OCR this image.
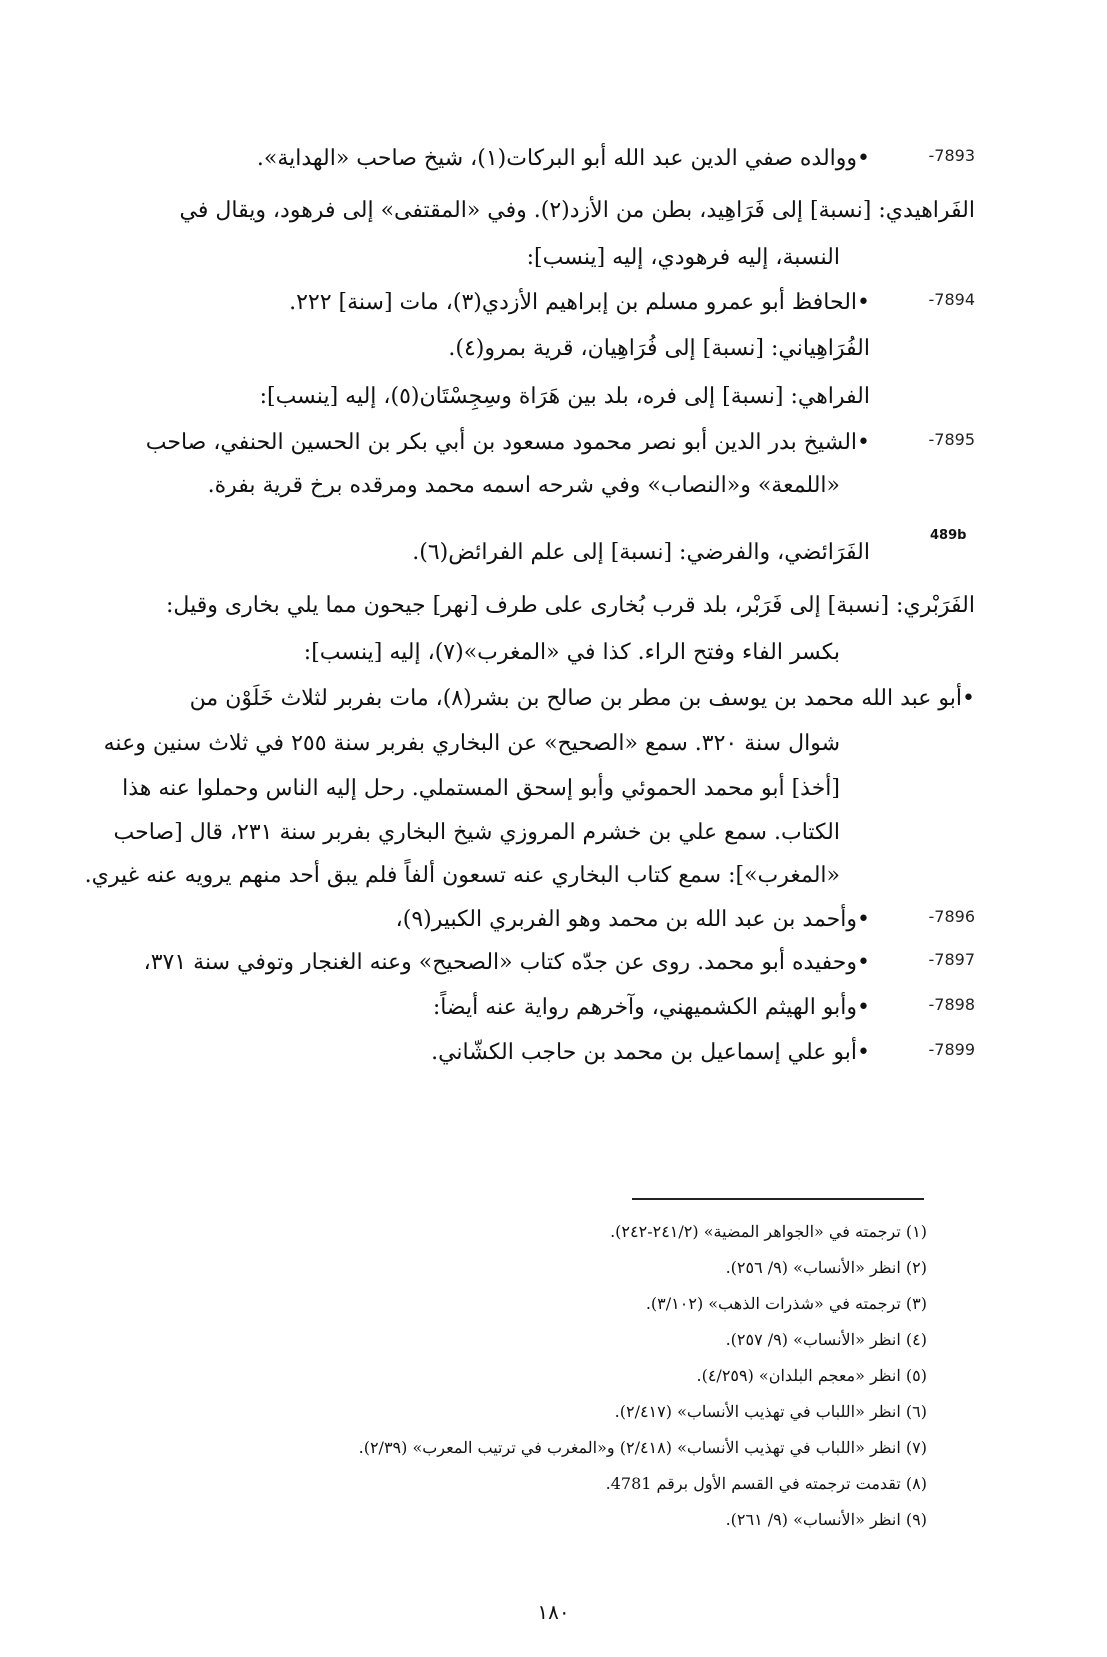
-7893
•ووالده صفي الدين عبد الله أبو البركات(١)، شيخ صاحب «الهداية».
الفَراهيدي: [نسبة] إلى فَرَاهِيد، بطن من الأزد(٢). وفي «المقتفى» إلى فرهود، ويقال في
النسبة، إليه فرهودي، إليه [ينسب]:
-7894
•الحافظ أبو عمرو مسلم بن إبراهيم الأزدي(٣)، مات [سنة] ٢٢٢.
الفُرَاهِياني: [نسبة] إلى فُرَاهِيان، قرية بمرو(٤).
الفراهي: [نسبة] إلى فره، بلد بين هَرَاة وسِجِسْتَان(٥)، إليه [ينسب]:
-7895
•الشيخ بدر الدين أبو نصر محمود مسعود بن أبي بكر بن الحسين الحنفي، صاحب
«اللمعة» و«النصاب» وفي شرحه اسمه محمد ومرقده برخ قرية بفرة.
489b
الفَرَائضي، والفرضي: [نسبة] إلى علم الفرائض(٦).
الفَرَبْري: [نسبة] إلى فَرَبْر، بلد قرب بُخارى على طرف [نهر] جيحون مما يلي بخارى وقيل:
بكسر الفاء وفتح الراء. كذا في «المغرب»(٧)، إليه [ينسب]:
•أبو عبد الله محمد بن يوسف بن مطر بن صالح بن بشر(٨)، مات بفربر لثلاث خَلَوْن من
شوال سنة ٣٢٠. سمع «الصحيح» عن البخاري بفربر سنة ٢٥٥ في ثلاث سنين وعنه
[أخذ] أبو محمد الحموئي وأبو إسحق المستملي. رحل إليه الناس وحملوا عنه هذا
الكتاب. سمع علي بن خشرم المروزي شيخ البخاري بفربر سنة ٢٣١، قال [صاحب
«المغرب»]: سمع كتاب البخاري عنه تسعون ألفاً فلم يبق أحد منهم يرويه عنه غيري.
-7896
•وأحمد بن عبد الله بن محمد وهو الفربري الكبير(٩)،
-7897
•وحفيده أبو محمد. روى عن جدّه كتاب «الصحيح» وعنه الغنجار وتوفي سنة ٣٧١،
-7898
•وأبو الهيثم الكشميهني، وآخرهم رواية عنه أيضاً:
-7899
•أبو علي إسماعيل بن محمد بن حاجب الكشّاني.
(١) ترجمته في «الجواهر المضية» (٢٤١/٢-٢٤٢).
(٢) انظر «الأنساب» (٩/ ٢٥٦).
(٣) ترجمته في «شذرات الذهب» (٣/١٠٢).
(٤) انظر «الأنساب» (٩/ ٢٥٧).
(٥) انظر «معجم البلدان» (٤/٢٥٩).
(٦) انظر «اللباب في تهذيب الأنساب» (٢/٤١٧).
(٧) انظر «اللباب في تهذيب الأنساب» (٢/٤١٨) و«المغرب في ترتيب المعرب» (٢/٣٩).
(٨) تقدمت ترجمته في القسم الأول برقم 4781.
(٩) انظر «الأنساب» (٩/ ٢٦١).
١٨٠
